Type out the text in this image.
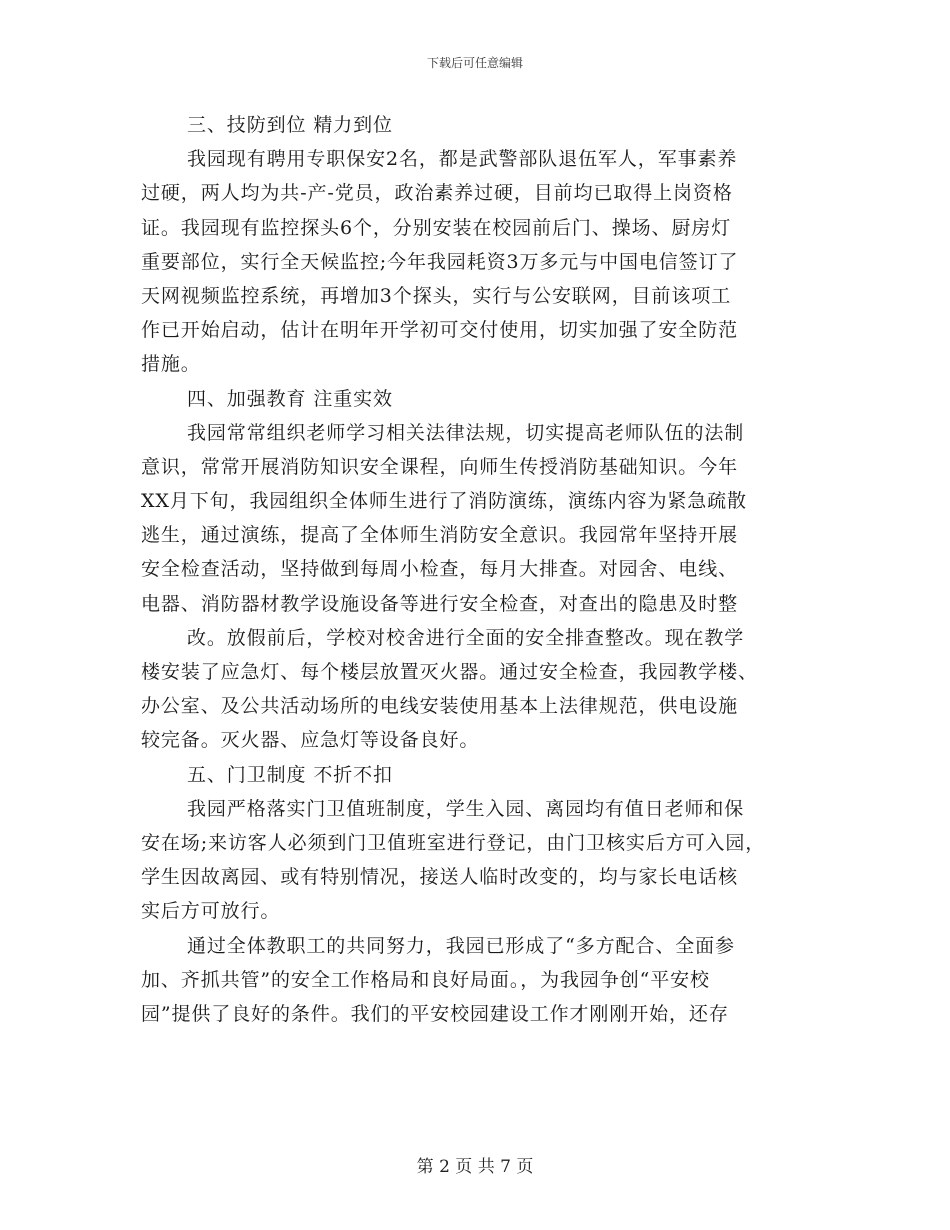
下载后可任意编辑
三、技防到位 精力到位
我园现有聘用专职保安2名，都是武警部队退伍军人，军事素养
过硬，两人均为共-产-党员，政治素养过硬，目前均已取得上岗资格
证。我园现有监控探头6个，分别安装在校园前后门、操场、厨房灯
重要部位，实行全天候监控;今年我园耗资3万多元与中国电信签订了
天网视频监控系统，再增加3个探头，实行与公安联网，目前该项工
作已开始启动，估计在明年开学初可交付使用，切实加强了安全防范
措施。
四、加强教育 注重实效
我园常常组织老师学习相关法律法规，切实提高老师队伍的法制
意识，常常开展消防知识安全课程，向师生传授消防基础知识。今年
XX月下旬，我园组织全体师生进行了消防演练，演练内容为紧急疏散
逃生，通过演练，提高了全体师生消防安全意识。我园常年坚持开展
安全检查活动，坚持做到每周小检查，每月大排查。对园舍、电线、
电器、消防器材教学设施设备等进行安全检查，对查出的隐患及时整
改。放假前后，学校对校舍进行全面的安全排查整改。现在教学
楼安装了应急灯、每个楼层放置灭火器。通过安全检查，我园教学楼、
办公室、及公共活动场所的电线安装使用基本上法律规范，供电设施
较完备。灭火器、应急灯等设备良好。
五、门卫制度 不折不扣
我园严格落实门卫值班制度，学生入园、离园均有值日老师和保
安在场;来访客人必须到门卫值班室进行登记，由门卫核实后方可入园，
学生因故离园、或有特别情况，接送人临时改变的，均与家长电话核
实后方可放行。
通过全体教职工的共同努力，我园已形成了“多方配合、全面参
加、齐抓共管”的安全工作格局和良好局面。，为我园争创“平安校
园”提供了良好的条件。我们的平安校园建设工作才刚刚开始，还存
第 2 页 共 7 页
